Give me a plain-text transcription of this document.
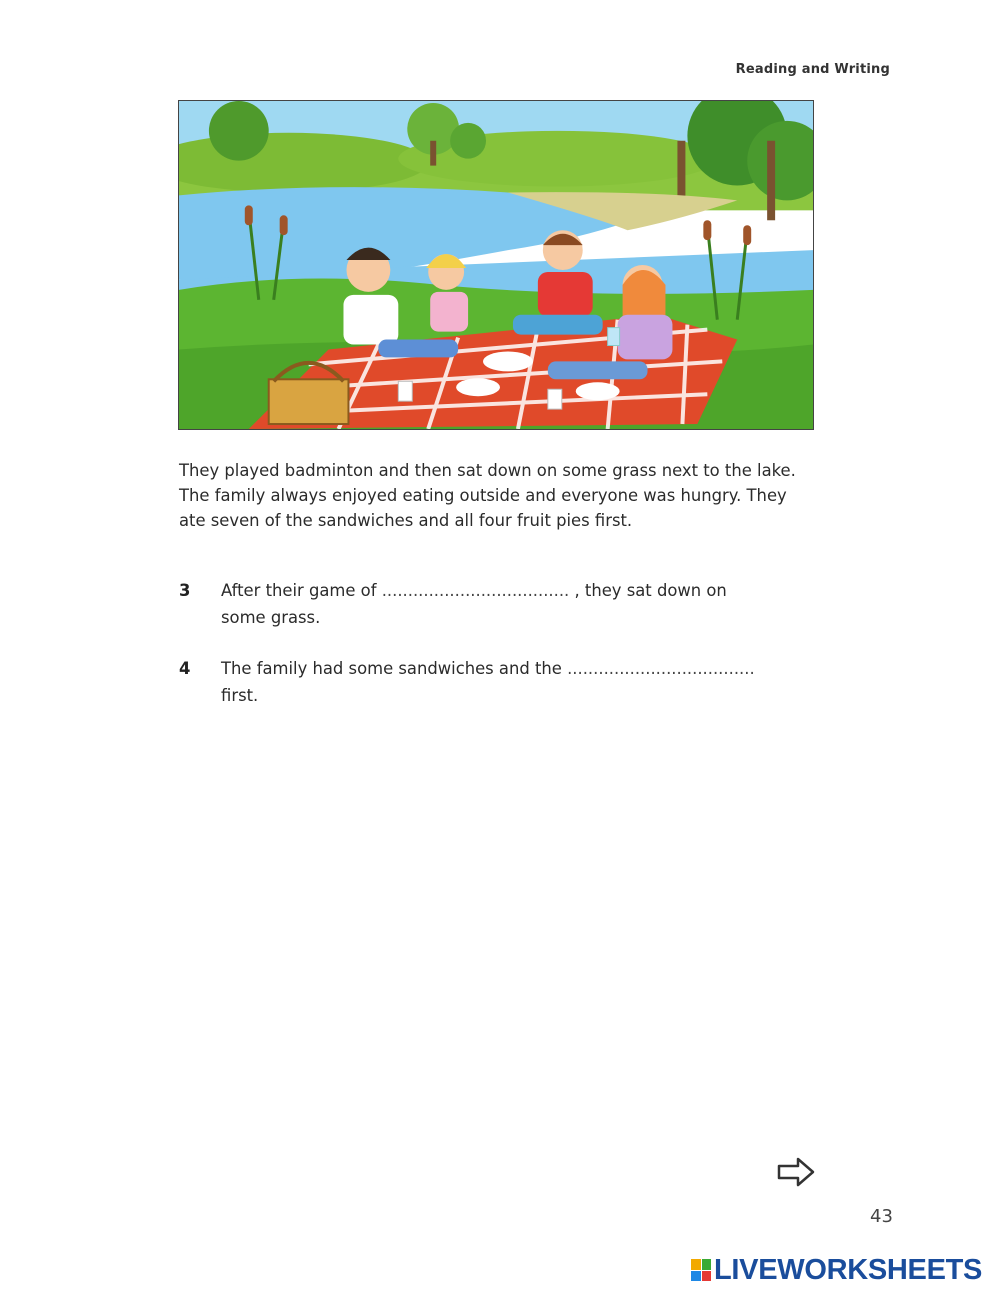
Reading and Writing

They played badminton and then sat down on some grass next to the lake.

The family always enjoyed eating outside and everyone was hungry. They

ate seven of the sandwiches and all four fruit pies first.

3 After their game of .................................... , they sat down on
some grass.
4 The family had some sandwiches and the ....................................
first.
43
LIVEWORKSHEETS
